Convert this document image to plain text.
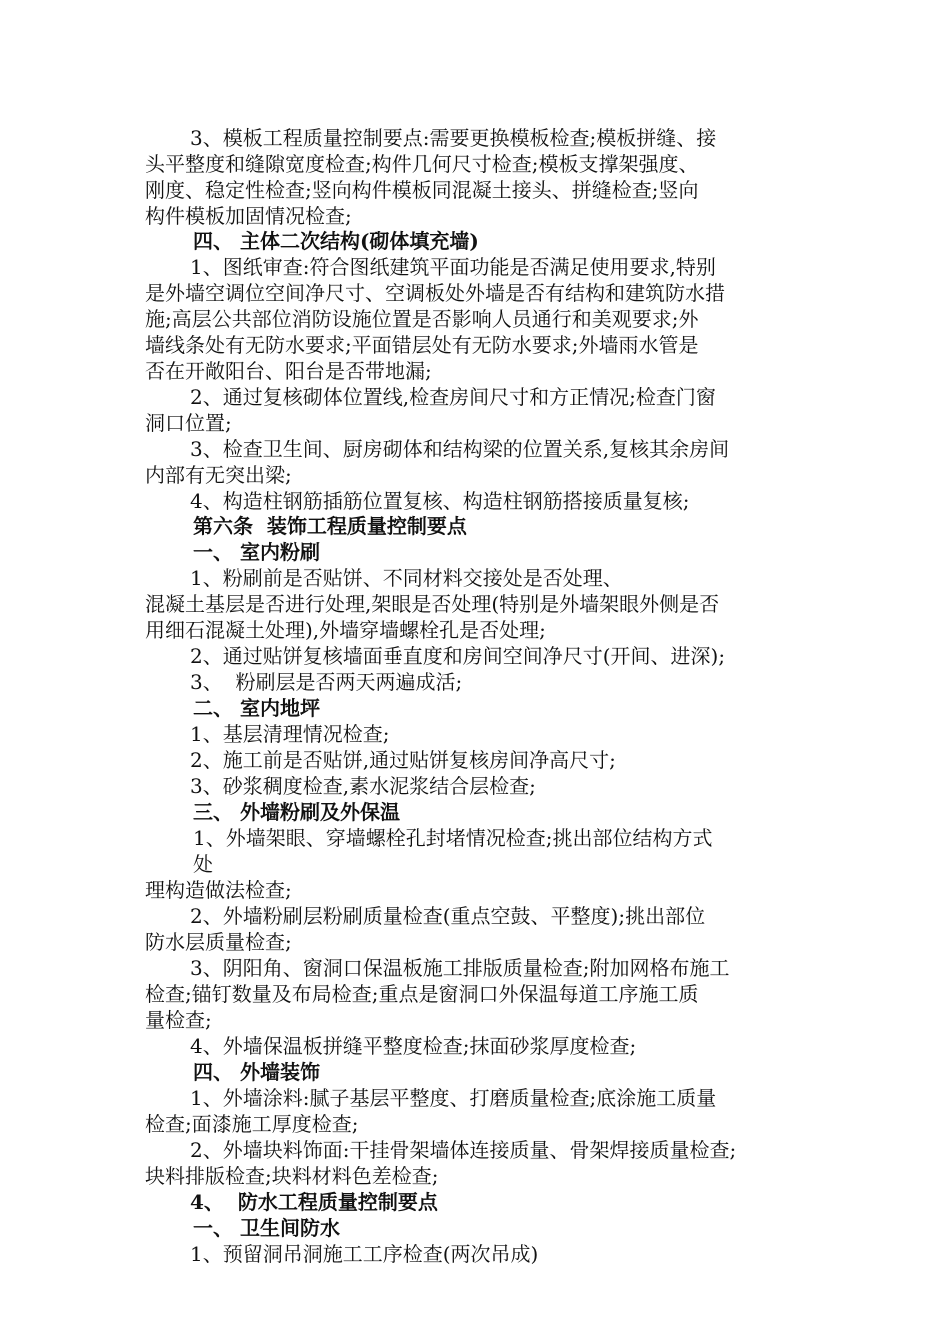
3、模板工程质量控制要点:需要更换模板检查;模板拼缝、接
头平整度和缝隙宽度检查;构件几何尺寸检查;模板支撑架强度、
刚度、稳定性检查;竖向构件模板同混凝土接头、拼缝检查;竖向
构件模板加固情况检查;
四、 主体二次结构(砌体填充墙)
1、图纸审查:符合图纸建筑平面功能是否满足使用要求,特别
是外墙空调位空间净尺寸、空调板处外墙是否有结构和建筑防水措
施;高层公共部位消防设施位置是否影响人员通行和美观要求;外
墙线条处有无防水要求;平面错层处有无防水要求;外墙雨水管是
否在开敞阳台、阳台是否带地漏;
2、通过复核砌体位置线,检查房间尺寸和方正情况;检查门窗
洞口位置;
3、检查卫生间、厨房砌体和结构梁的位置关系,复核其余房间
内部有无突出梁;
4、构造柱钢筋插筋位置复核、构造柱钢筋搭接质量复核;
第六条  装饰工程质量控制要点
一、 室内粉刷
1、粉刷前是否贴饼、不同材料交接处是否处理、
混凝土基层是否进行处理,架眼是否处理(特别是外墙架眼外侧是否
用细石混凝土处理),外墙穿墙螺栓孔是否处理;
2、通过贴饼复核墙面垂直度和房间空间净尺寸(开间、进深);
3、  粉刷层是否两天两遍成活;
二、 室内地坪
1、基层清理情况检查;
2、施工前是否贴饼,通过贴饼复核房间净高尺寸;
3、砂浆稠度检查,素水泥浆结合层检查;
三、 外墙粉刷及外保温
1、外墙架眼、穿墙螺栓孔封堵情况检查;挑出部位结构方式
处
理构造做法检查;
2、外墙粉刷层粉刷质量检查(重点空鼓、平整度);挑出部位
防水层质量检查;
3、阴阳角、窗洞口保温板施工排版质量检查;附加网格布施工
检查;锚钉数量及布局检查;重点是窗洞口外保温每道工序施工质
量检查;
4、外墙保温板拼缝平整度检查;抹面砂浆厚度检查;
四、 外墙装饰
1、外墙涂料:腻子基层平整度、打磨质量检查;底涂施工质量
检查;面漆施工厚度检查;
2、外墙块料饰面:干挂骨架墙体连接质量、骨架焊接质量检查;
块料排版检查;块料材料色差检查;
4、  防水工程质量控制要点
一、 卫生间防水
1、预留洞吊洞施工工序检查(两次吊成)
